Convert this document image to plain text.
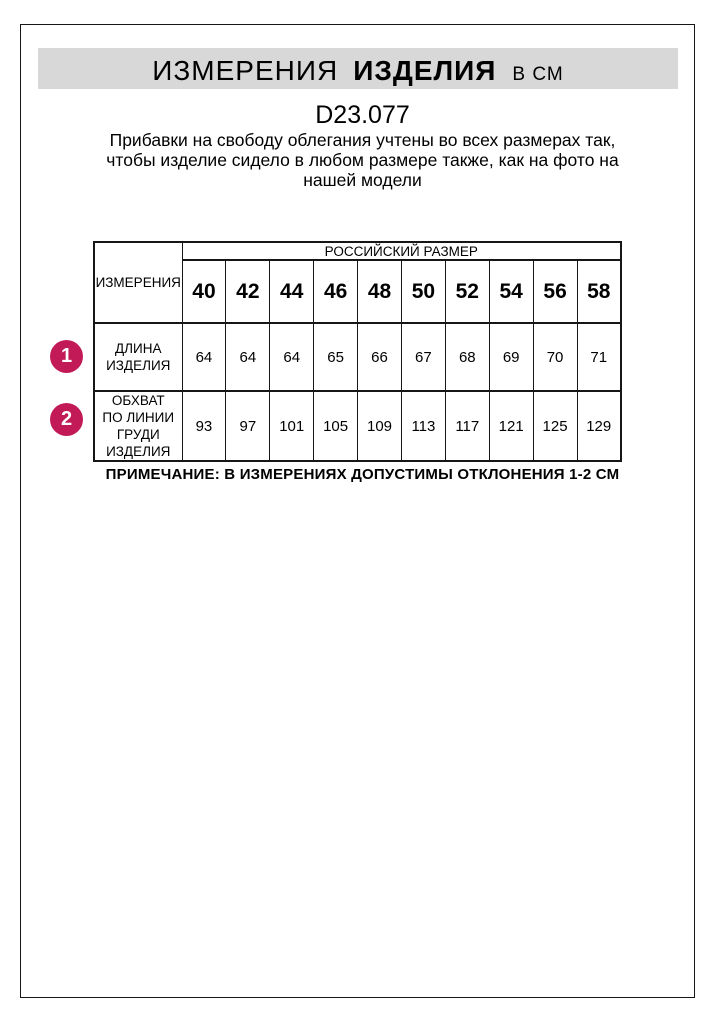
ИЗМЕРЕНИЯ ИЗДЕЛИЯ В СМ
D23.077
Прибавки на свободу облегания учтены во всех размерах так, чтобы изделие сидело в любом размере также, как на фото на нашей модели
ИЗМЕРЕНИЯ	РОССИЙСКИЙ РАЗМЕР									
	40	42	44	46	48	50	52	54	56	58
ДЛИНА ИЗДЕЛИЯ	64	64	64	65	66	67	68	69	70	71
ОБХВАТ ПО ЛИНИИ ГРУДИ ИЗДЕЛИЯ	93	97	101	105	109	113	117	121	125	129
1
2
ПРИМЕЧАНИЕ: В ИЗМЕРЕНИЯХ ДОПУСТИМЫ ОТКЛОНЕНИЯ 1-2 СМ
